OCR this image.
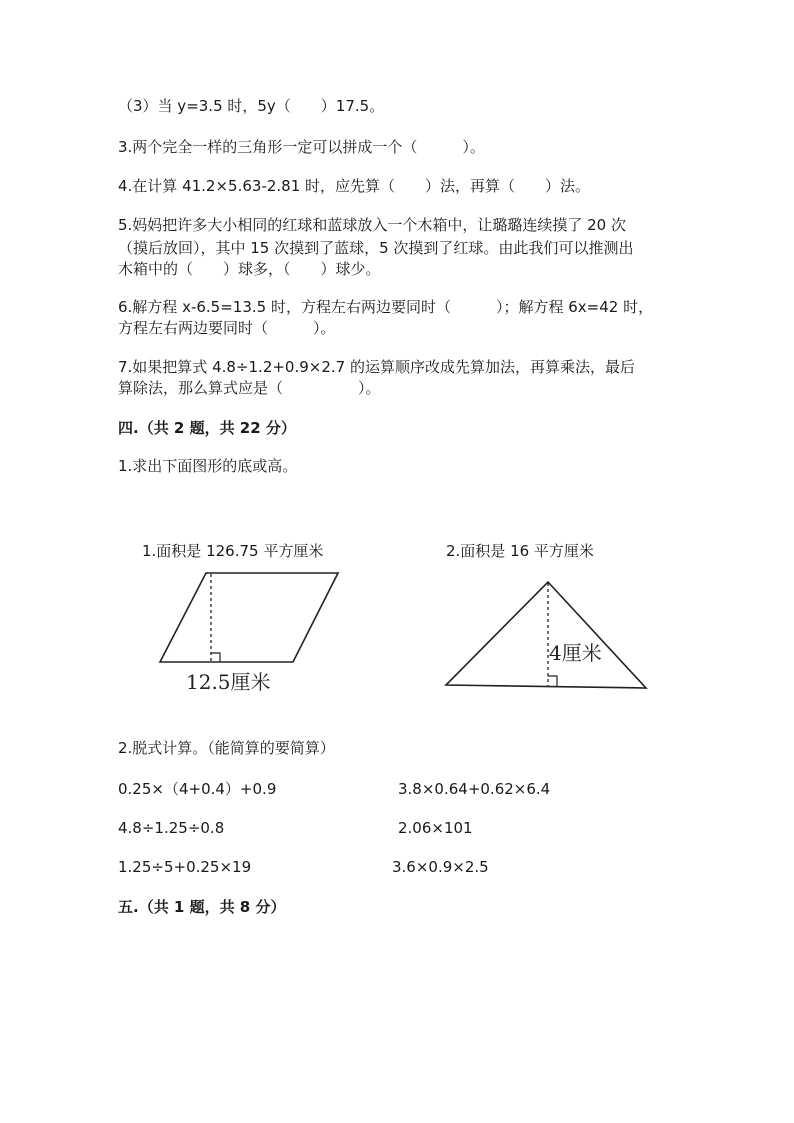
（3）当 y=3.5 时，5y（　　）17.5。
3.两个完全一样的三角形一定可以拼成一个（　　　）。
4.在计算 41.2×5.63-2.81 时，应先算（　　）法，再算（　　）法。
5.妈妈把许多大小相同的红球和蓝球放入一个木箱中，让璐璐连续摸了 20 次
（摸后放回），其中 15 次摸到了蓝球，5 次摸到了红球。由此我们可以推测出
木箱中的（　　）球多，（　　）球少。
6.解方程 x-6.5=13.5 时，方程左右两边要同时（　　　）；解方程 6x=42 时，
方程左右两边要同时（　　　）。
7.如果把算式 4.8÷1.2+0.9×2.7 的运算顺序改成先算加法，再算乘法，最后
算除法，那么算式应是（　　　　　）。
四.（共 2 题，共 22 分）
1.求出下面图形的底或高。
1.面积是 126.75 平方厘米
12.5厘米
2.面积是 16 平方厘米
4厘米
2.脱式计算。（能简算的要简算）
0.25×（4+0.4）+0.9	3.8×0.64+0.62×6.4
4.8÷1.25÷0.8	2.06×101
1.25÷5+0.25×19	3.6×0.9×2.5
五.（共 1 题，共 8 分）
